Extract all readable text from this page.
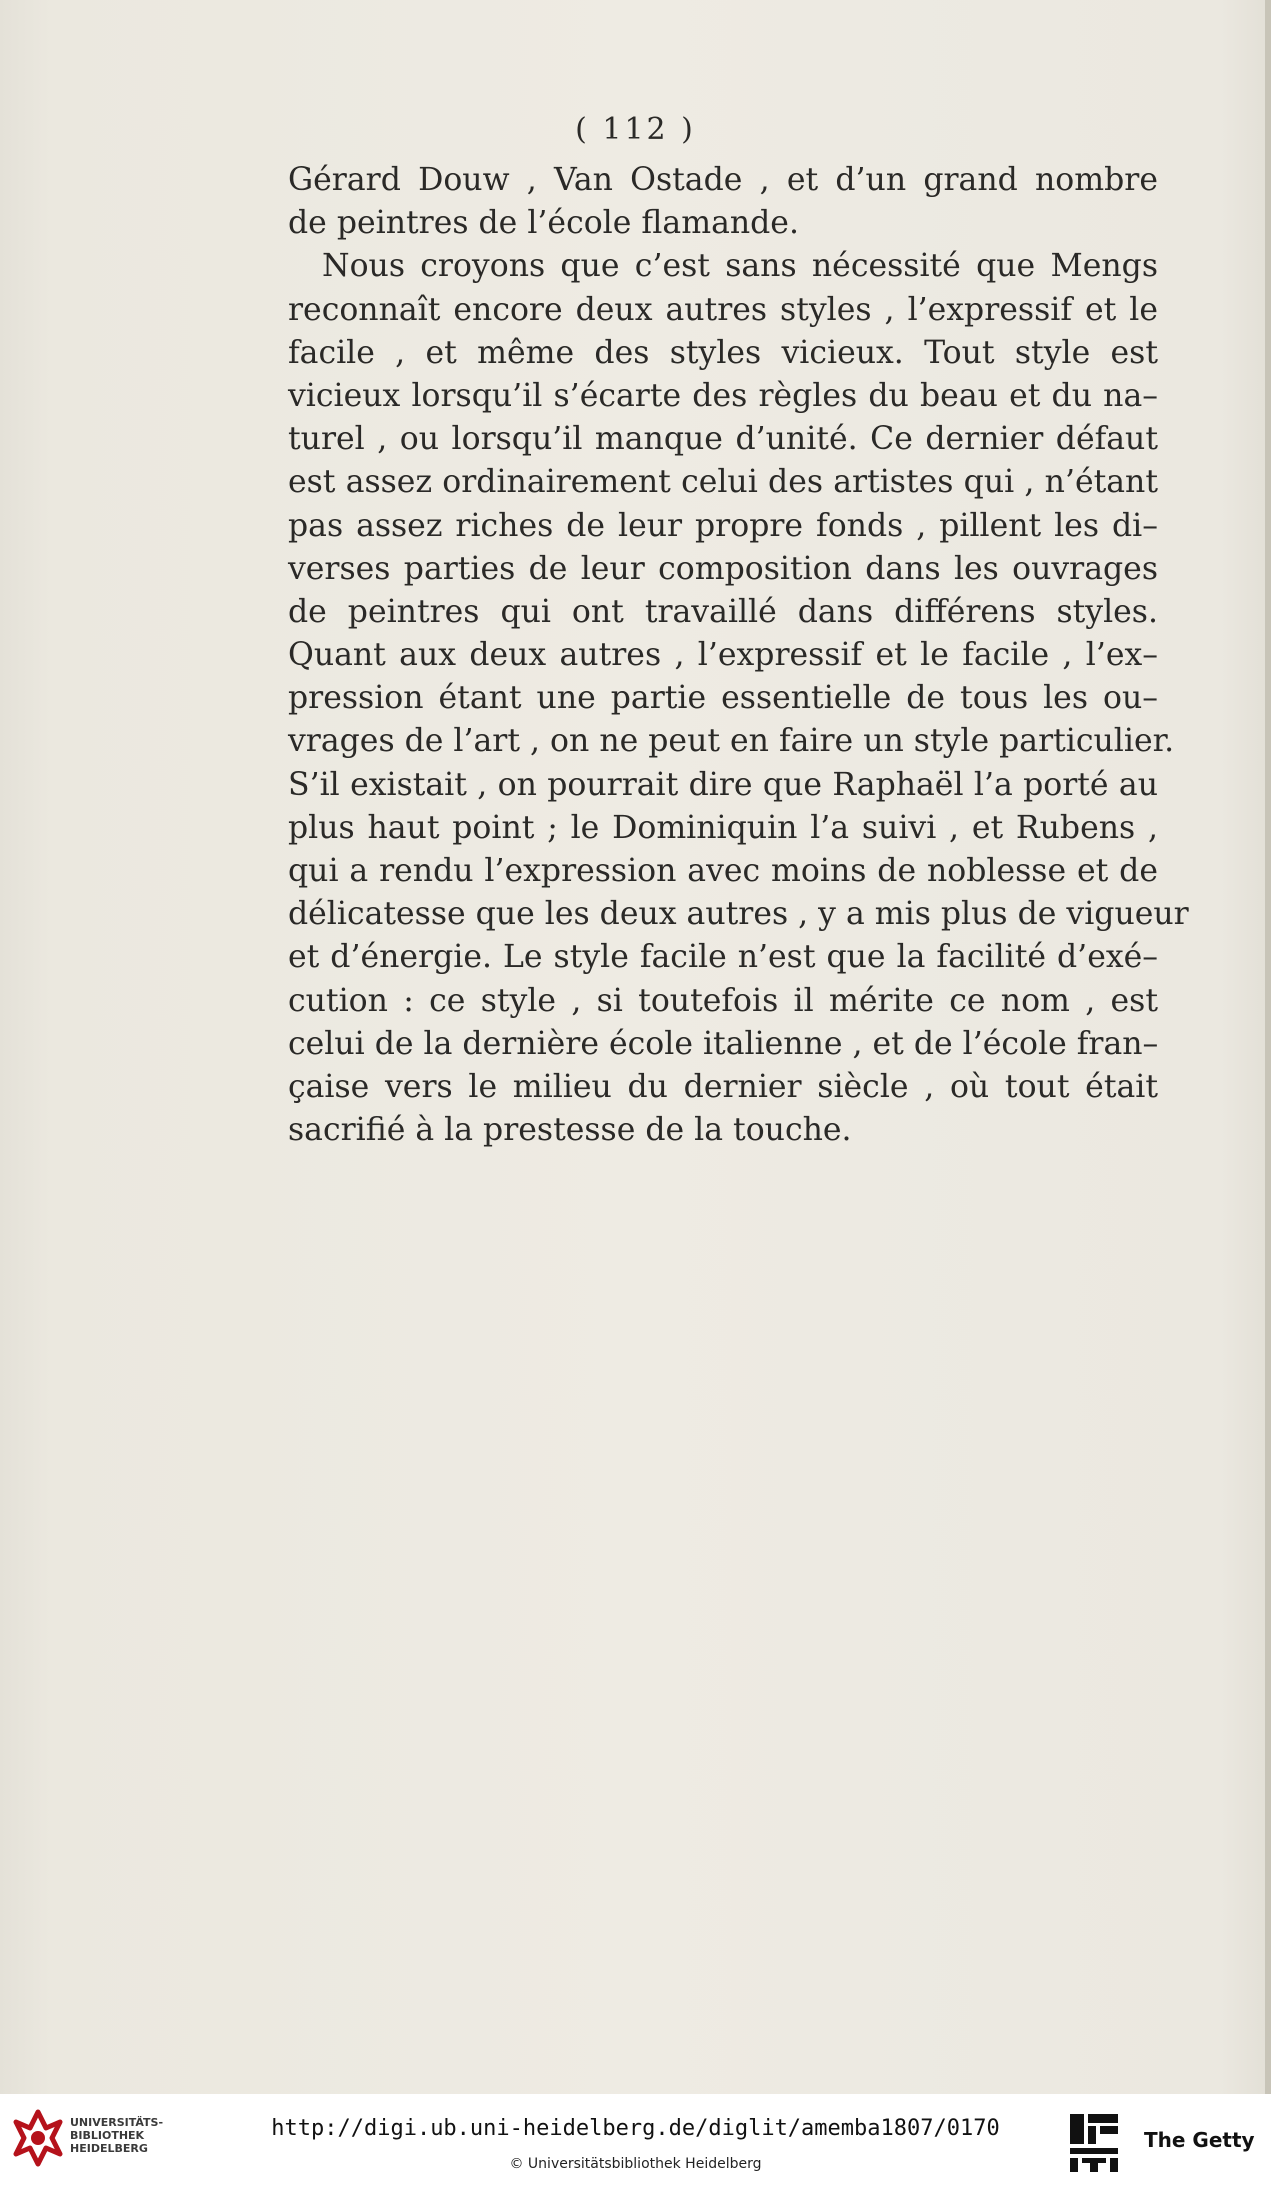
( 112 )
Gérard Douw , Van Ostade , et d’un grand nombre
de peintres de l’école flamande.
Nous croyons que c’est sans nécessité que Mengs
reconnaît encore deux autres styles , l’expressif et le
facile , et même des styles vicieux. Tout style est
vicieux lorsqu’il s’écarte des règles du beau et du na–
turel , ou lorsqu’il manque d’unité. Ce dernier défaut
est assez ordinairement celui des artistes qui , n’étant
pas assez riches de leur propre fonds , pillent les di–
verses parties de leur composition dans les ouvrages
de peintres qui ont travaillé dans différens styles.
Quant aux deux autres , l’expressif et le facile , l’ex–
pression étant une partie essentielle de tous les ou–
vrages de l’art , on ne peut en faire un style particulier.
S’il existait , on pourrait dire que Raphaël l’a porté au
plus haut point ; le Dominiquin l’a suivi , et Rubens ,
qui a rendu l’expression avec moins de noblesse et de
délicatesse que les deux autres , y a mis plus de vigueur
et d’énergie. Le style facile n’est que la facilité d’exé–
cution : ce style , si toutefois il mérite ce nom , est
celui de la dernière école italienne , et de l’école fran–
çaise vers le milieu du dernier siècle , où tout était
sacrifié à la prestesse de la touche.
UNIVERSITÄTS-
BIBLIOTHEK
HEIDELBERG
http://digi.ub.uni-heidelberg.de/diglit/amemba1807/0170
© Universitätsbibliothek Heidelberg
The Getty
